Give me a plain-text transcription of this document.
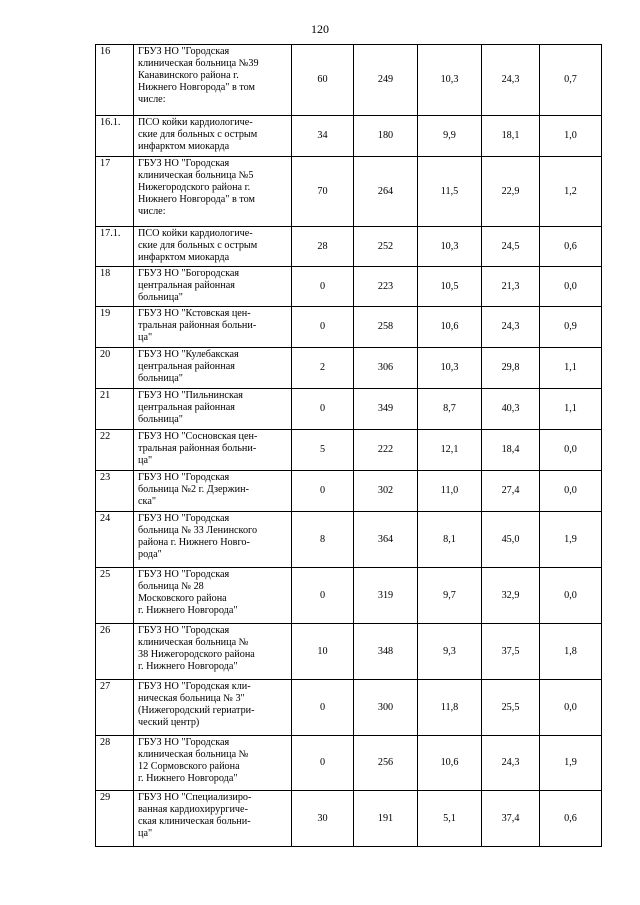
120
16	ГБУЗ НО "Городская
клиническая больница №39
Канавинского района г.
Нижнего Новгорода" в том
числе:	60	249	10,3	24,3	0,7
16.1.	ПСО койки кардиологиче-
ские для больных с острым
инфарктом миокарда	34	180	9,9	18,1	1,0
17	ГБУЗ НО "Городская
клиническая больница №5
Нижегородского района г.
Нижнего Новгорода" в том
числе:	70	264	11,5	22,9	1,2
17.1.	ПСО койки кардиологиче-
ские для больных с острым
инфарктом миокарда	28	252	10,3	24,5	0,6
18	ГБУЗ НО "Богородская
центральная районная
больница"	0	223	10,5	21,3	0,0
19	ГБУЗ НО "Кстовская цен-
тральная районная больни-
ца"	0	258	10,6	24,3	0,9
20	ГБУЗ НО "Кулебакская
центральная районная
больница"	2	306	10,3	29,8	1,1
21	ГБУЗ НО "Пильнинская
центральная районная
больница"	0	349	8,7	40,3	1,1
22	ГБУЗ НО "Сосновская цен-
тральная районная больни-
ца"	5	222	12,1	18,4	0,0
23	ГБУЗ НО "Городская
больница №2 г. Дзержин-
ска"	0	302	11,0	27,4	0,0
24	ГБУЗ НО "Городская
больница № 33 Ленинского
района г. Нижнего Новго-
рода"	8	364	8,1	45,0	1,9
25	ГБУЗ НО "Городская
больница № 28
Московского района
г. Нижнего Новгорода"	0	319	9,7	32,9	0,0
26	ГБУЗ НО "Городская
клиническая больница №
38 Нижегородского района
г. Нижнего Новгорода"	10	348	9,3	37,5	1,8
27	ГБУЗ НО "Городская кли-
ническая больница № 3"
(Нижегородский гериатри-
ческий центр)	0	300	11,8	25,5	0,0
28	ГБУЗ НО "Городская
клиническая больница №
12 Сормовского района
г. Нижнего Новгорода"	0	256	10,6	24,3	1,9
29	ГБУЗ НО "Специализиро-
ванная кардиохирургиче-
ская клиническая больни-
ца"	30	191	5,1	37,4	0,6
